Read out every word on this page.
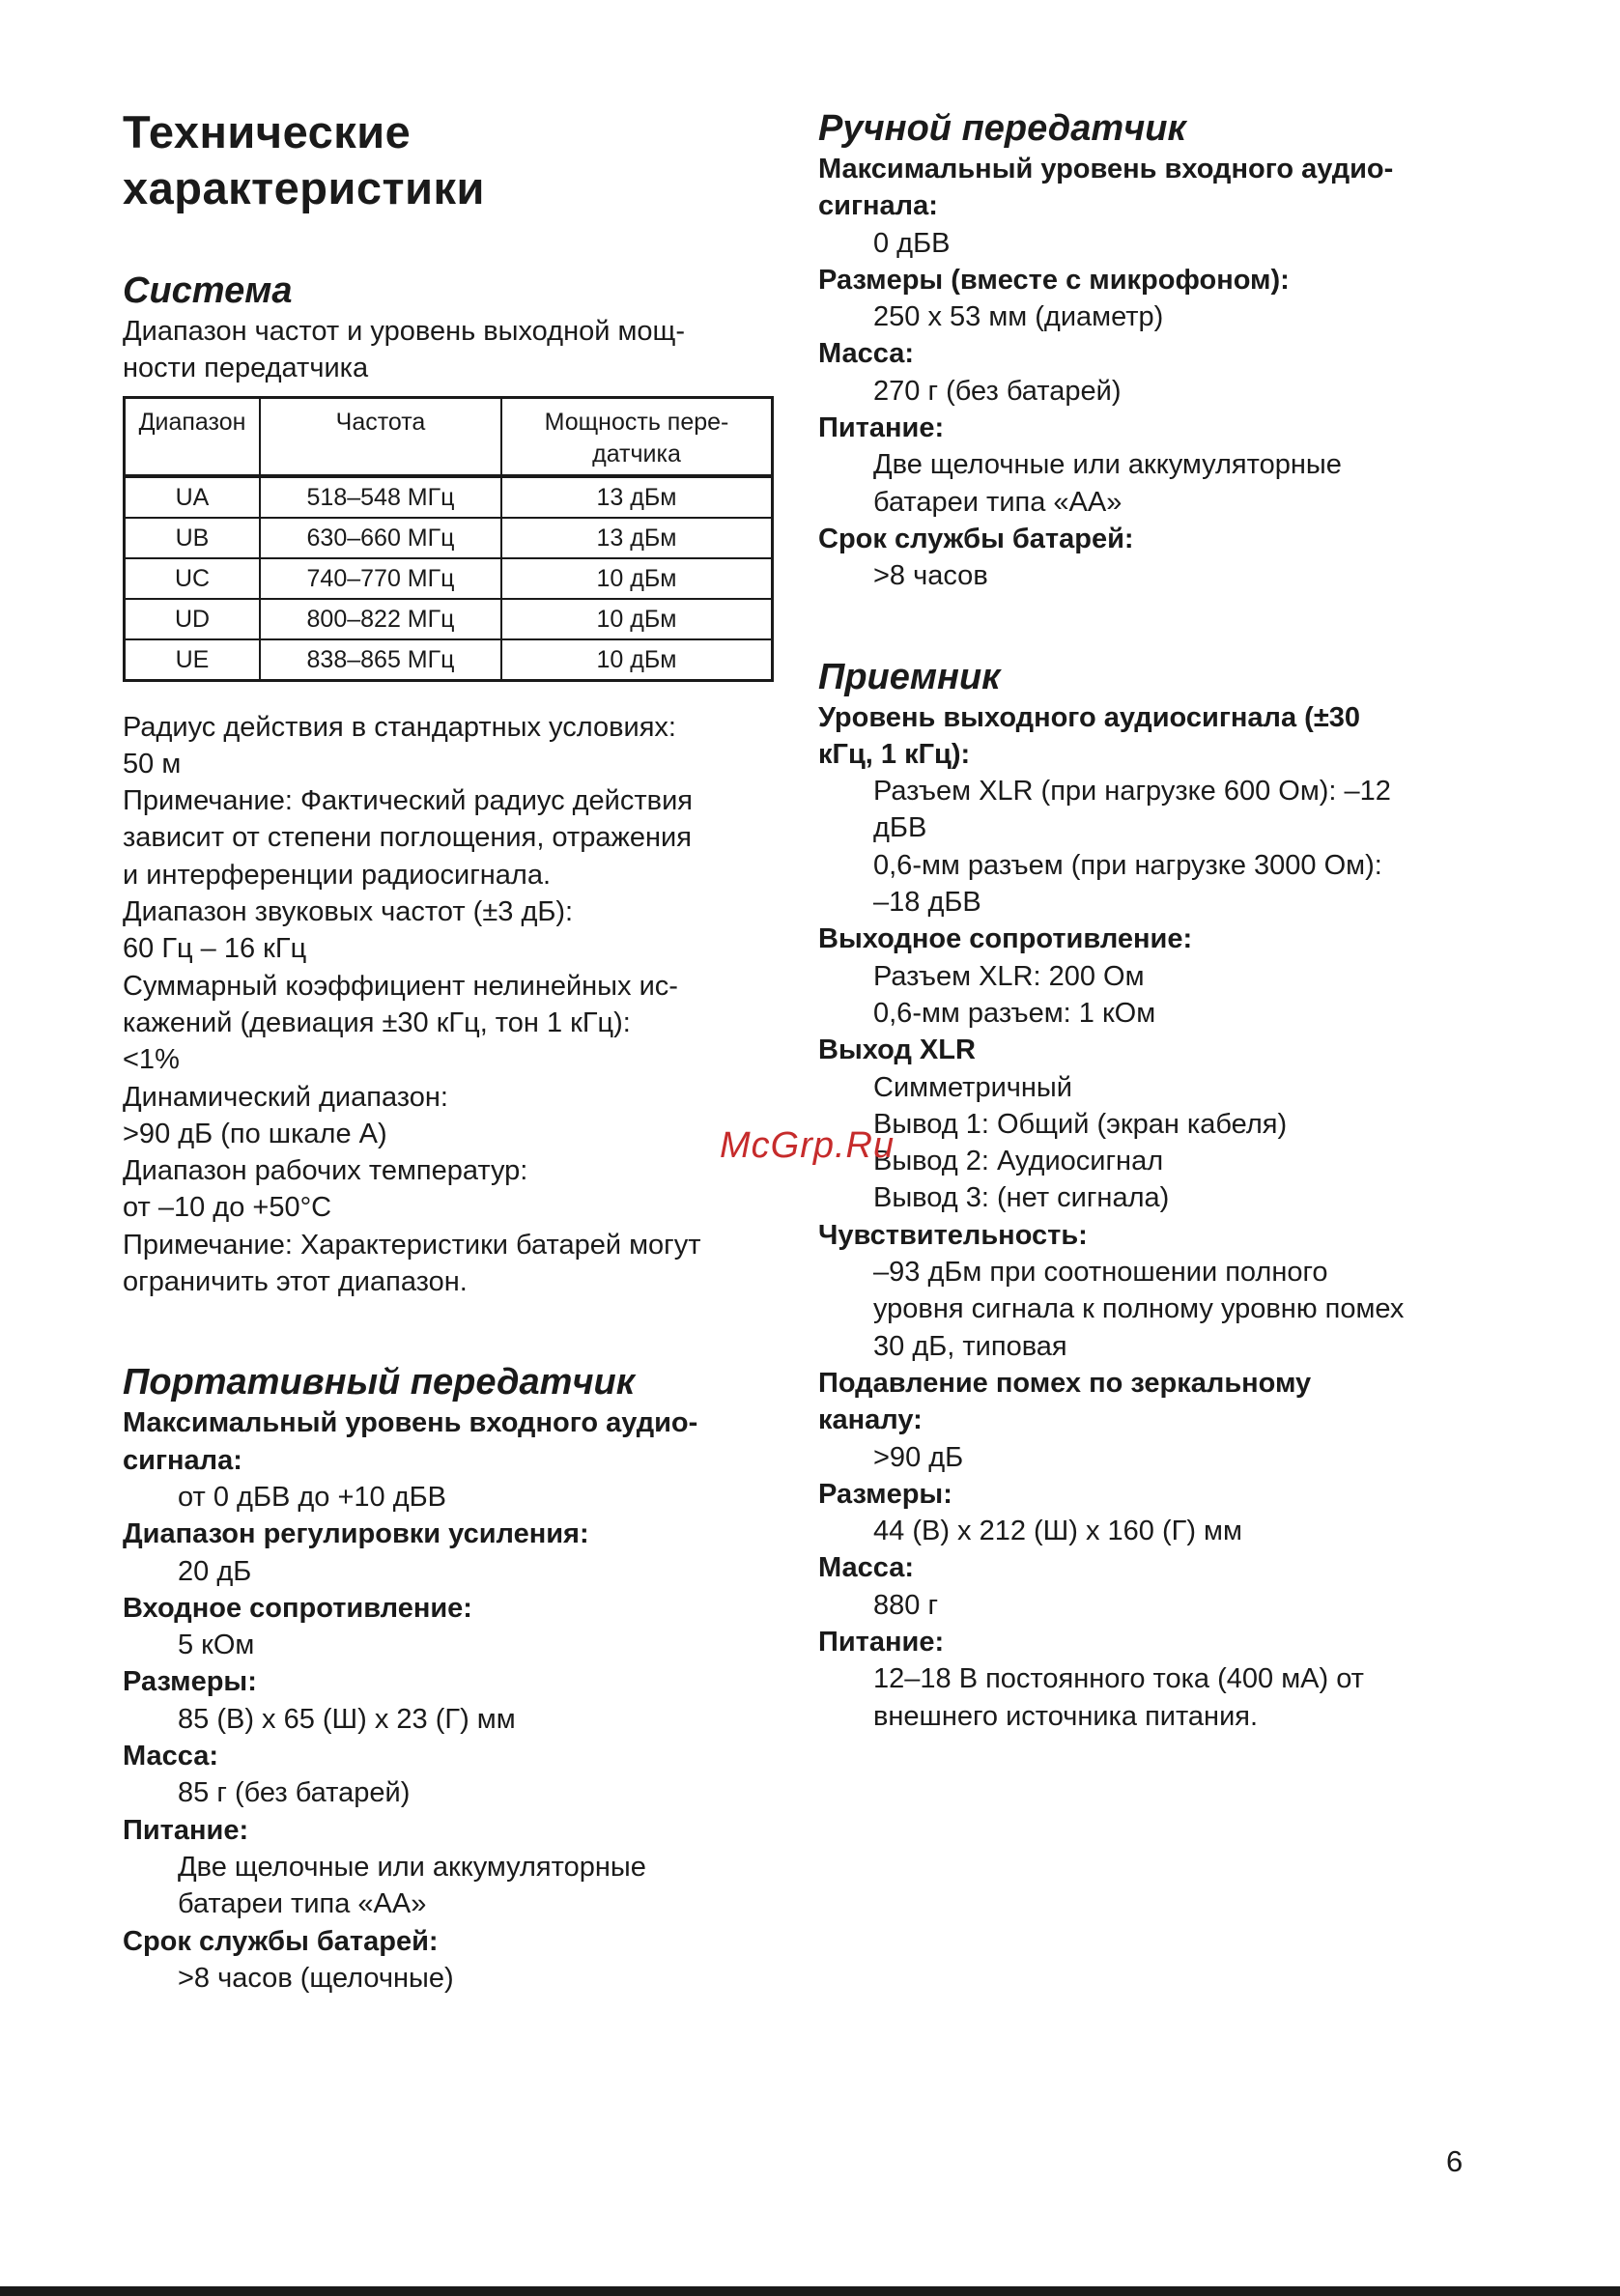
Технические
характеристики
Система

Диапазон частот и уровень выходной мощ-

ности передатчика

Диапазон	Частота	Мощность пере-
датчика
UA	518–548 МГц	13 дБм
UB	630–660 МГц	13 дБм
UC	740–770 МГц	10 дБм
UD	800–822 МГц	10 дБм
UE	838–865 МГц	10 дБм

Радиус действия в стандартных условиях:

50 м

Примечание: Фактический радиус действия

зависит от степени поглощения, отражения

и интерференции радиосигнала.

Диапазон звуковых частот (±3 дБ):

60 Гц – 16 кГц

Суммарный коэффициент нелинейных ис-

кажений (девиация ±30 кГц, тон 1 кГц):

<1%

Динамический диапазон:

>90 дБ (по шкале А)

Диапазон рабочих температур:

от –10 до +50°C

Примечание: Характеристики батарей могут

ограничить этот диапазон.

Портативный передатчик

Максимальный уровень входного аудио-

сигнала:

от 0 дБВ до +10 дБВ

Диапазон регулировки усиления:

20 дБ

Входное сопротивление:

5 кОм

Размеры:

85 (В) x 65 (Ш) x 23 (Г) мм

Масса:

85 г (без батарей)

Питание:

Две щелочные или аккумуляторные

батареи типа «АА»

Срок службы батарей:

>8 часов (щелочные)

Ручной передатчик

Максимальный уровень входного аудио-

сигнала:

0 дБВ

Размеры (вместе с микрофоном):

250 x 53 мм (диаметр)

Масса:

270 г (без батарей)

Питание:

Две щелочные или аккумуляторные

батареи типа «АА»

Срок службы батарей:

>8 часов

Приемник

Уровень выходного аудиосигнала (±30

кГц, 1 кГц):

Разъем XLR (при нагрузке 600 Ом): –12

дБВ

0,6-мм разъем (при нагрузке 3000 Ом):

–18 дБВ

Выходное сопротивление:

Разъем XLR: 200 Ом

0,6-мм разъем: 1 кОм

Выход XLR

Симметричный

Вывод 1: Общий (экран кабеля)

Вывод 2: Аудиосигнал

Вывод 3: (нет сигнала)

Чувствительность:

–93 дБм при соотношении полного

уровня сигнала к полному уровню помех

30 дБ, типовая

Подавление помех по зеркальному

каналу:

>90 дБ

Размеры:

44 (В) x 212 (Ш) x 160 (Г) мм

Масса:

880 г

Питание:

12–18 В постоянного тока (400 мА) от

внешнего источника питания.

McGrp.Ru
6
